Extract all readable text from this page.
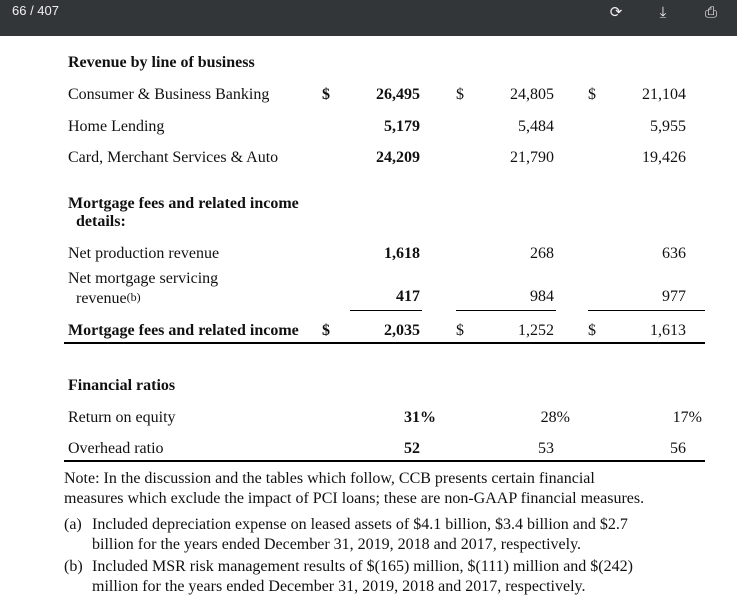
66 / 407	⟳	⤓	⎙
Revenue by line of business
Consumer & Business Banking	$	26,495 $	24,805 $	21,104
Home Lending	5,179	5,484	5,955
Card, Merchant Services & Auto	24,209	21,790	19,426
Mortgage fees and related income
details:
Net production revenue	1,618	268	636
Net mortgage servicing
revenue(b)	417	984	977
Mortgage fees and related income $	2,035 $	1,252 $	1,613
Financial ratios
Return on equity	31%	28%	17%
Overhead ratio	52	53	56
Note: In the discussion and the tables which follow, CCB presents certain financial
measures which exclude the impact of PCI loans; these are non-GAAP financial measures.
(a) Included depreciation expense on leased assets of $4.1 billion, $3.4 billion and $2.7
billion for the years ended December 31, 2019, 2018 and 2017, respectively.
(b) Included MSR risk management results of $(165) million, $(111) million and $(242)
million for the years ended December 31, 2019, 2018 and 2017, respectively.
